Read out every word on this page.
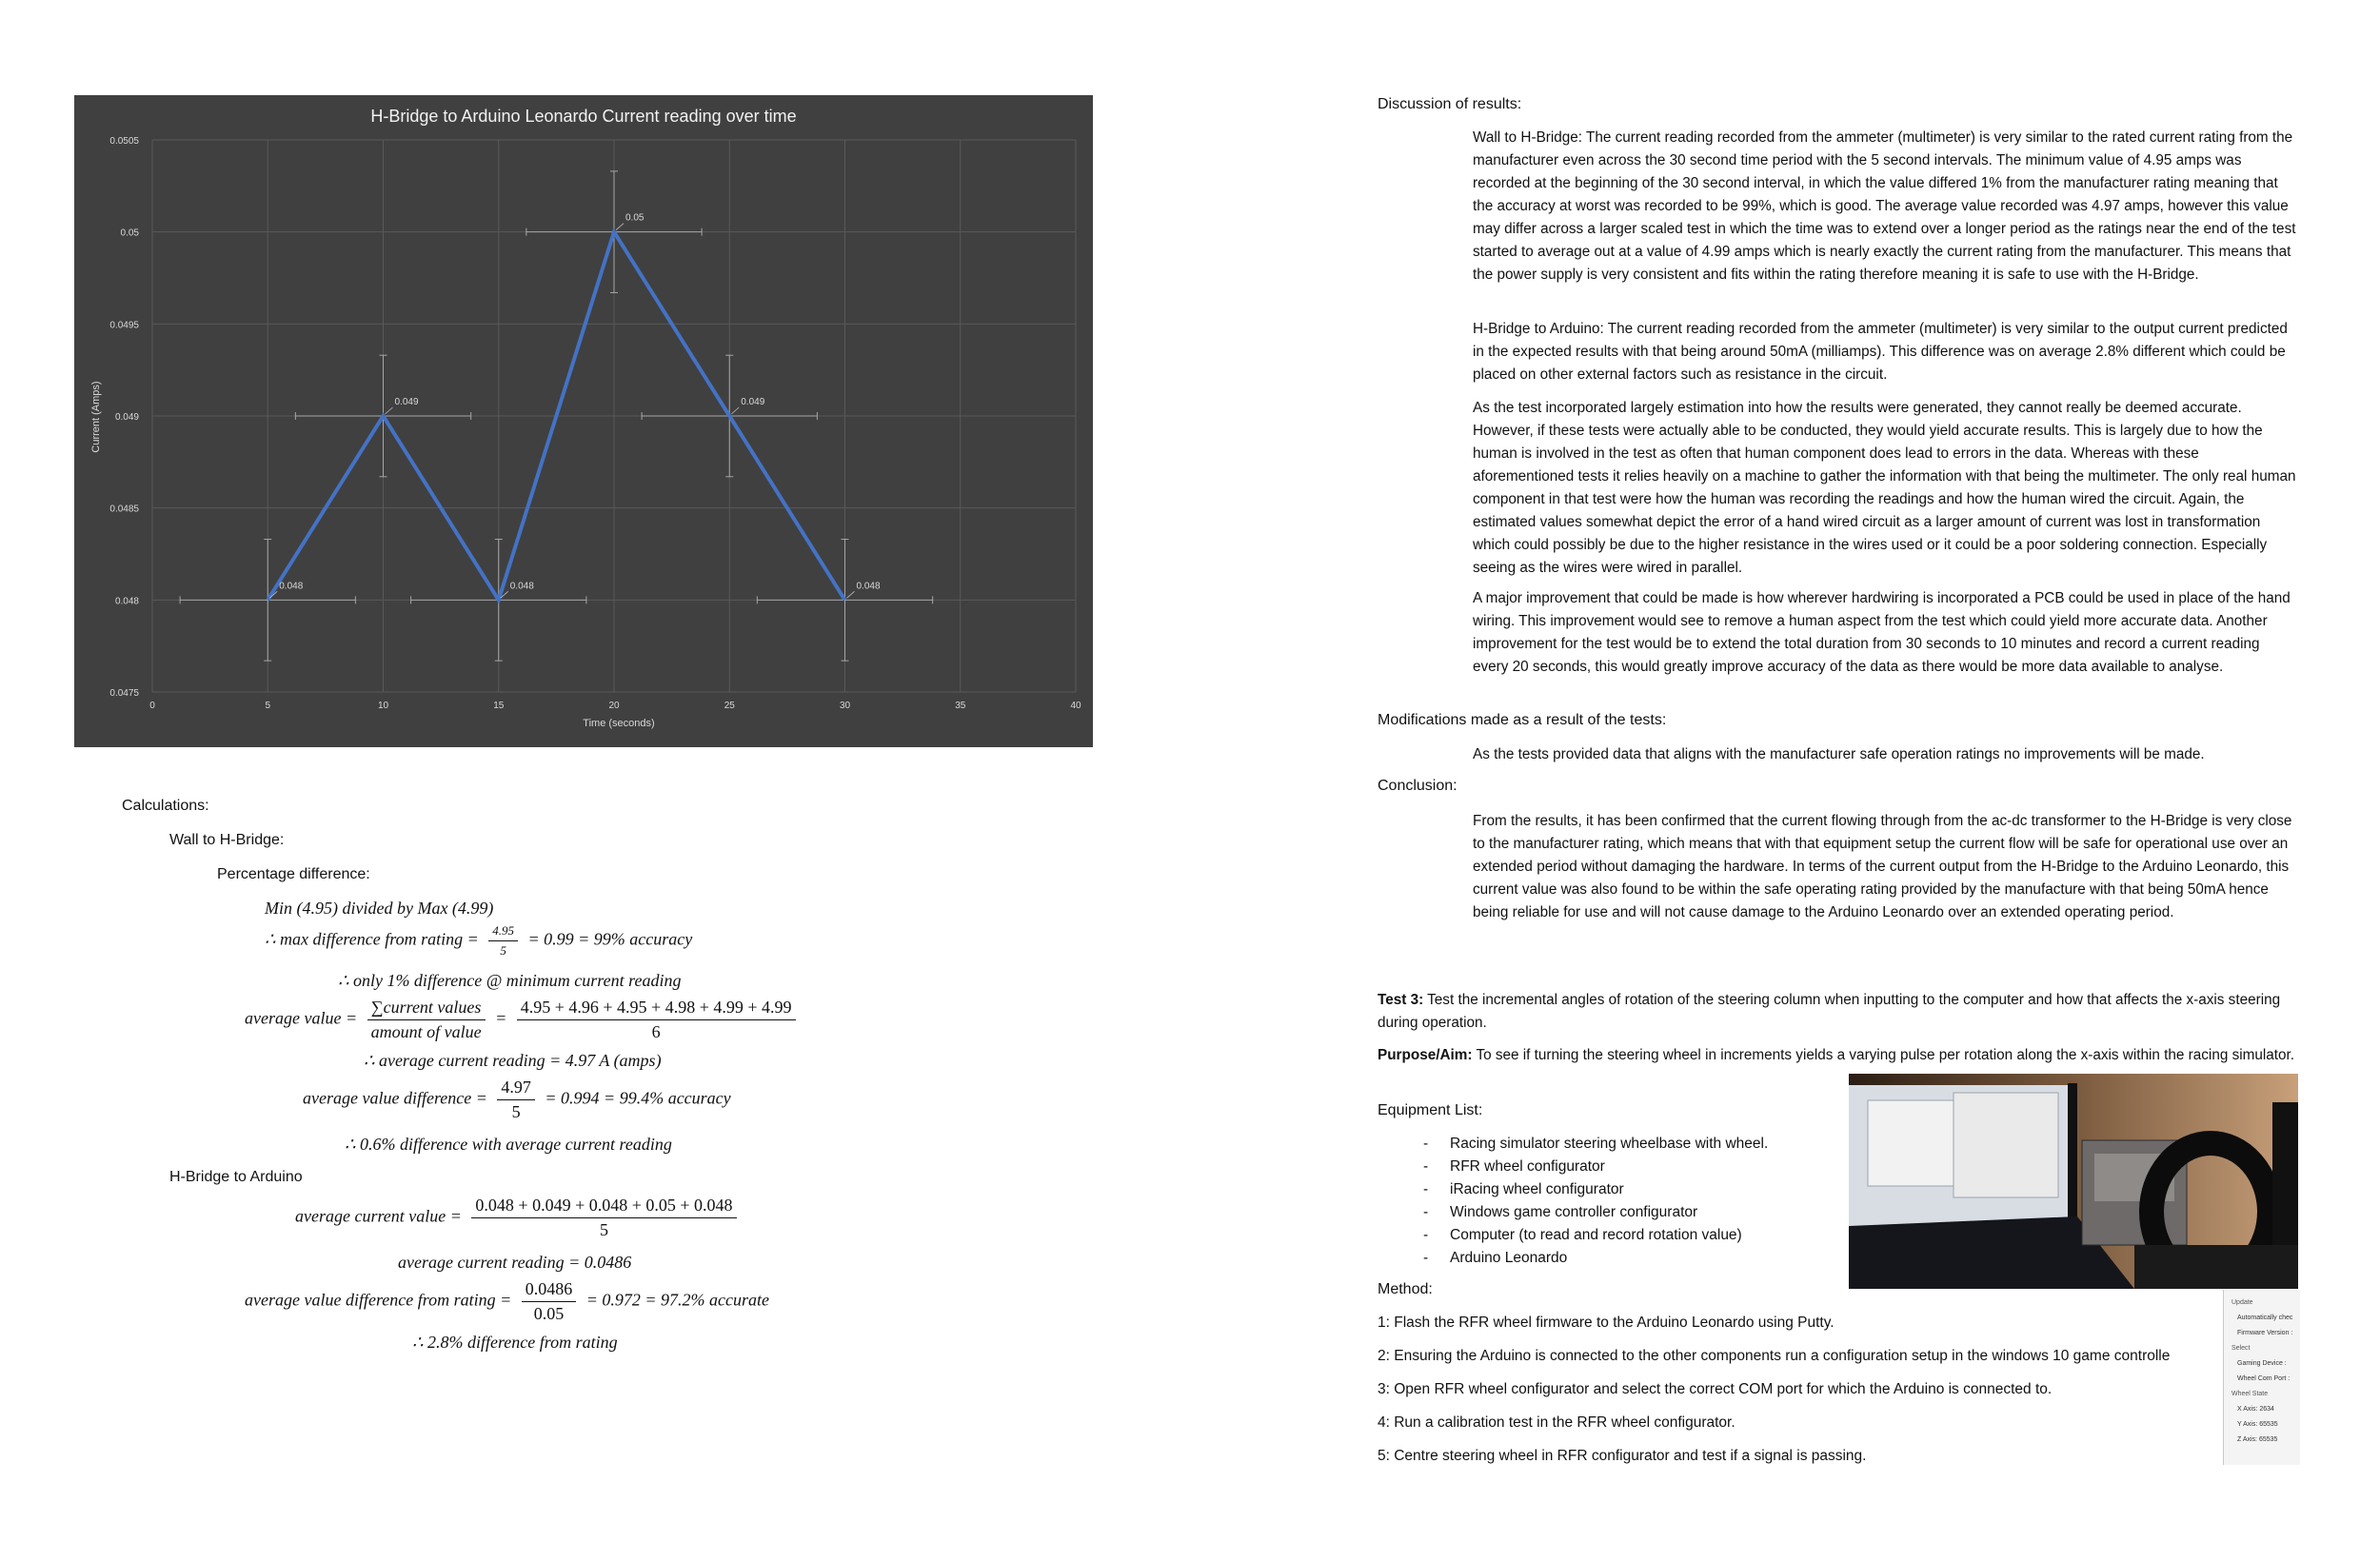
H-Bridge to Arduino Leonardo Current reading over time
0	5	10	15	20	25	30	35	40
0.0505
0.05
0.0495
0.049
0.0485
0.048
0.0475
0.048
0.049
0.048
0.05
0.049
0.048
Time (seconds)
Current (Amps)
Calculations:
Wall to H-Bridge:
Percentage difference:
Min (4.95) divided by Max (4.99)
∴ max difference from rating = $\frac{4.95}{5} = 0.99 = 99\%$ accuracy
∴ only 1% difference @ minimum current reading
average value = $\frac{\text{∑current values}}{\text{amount of value}} = \frac{4.95 + 4.96 + 4.95 + 4.98 + 4.99 + 4.99}{6}$
∴ average current reading = 4.97 A (amps)
average value difference = $\frac{4.97}{5} = 0.994 = 99.4\%$ accuracy
∴ 0.6% difference with average current reading
H-Bridge to Arduino
average current value = $\frac{0.048 + 0.049 + 0.048 + 0.05 + 0.048}{5}$
average current reading = 0.0486
average value difference from rating = $\frac{0.0486}{0.05} = 0.972 = 97.2\%$ accurate
∴ 2.8% difference from rating
Discussion of results:
Wall to H-Bridge: The current reading recorded from the ammeter (multimeter) is very similar to the rated current rating from the manufacturer even across the 30 second time period with the 5 second intervals. The minimum value of 4.95 amps was recorded at the beginning of the 30 second interval, in which the value differed 1% from the manufacturer rating meaning that the accuracy at worst was recorded to be 99%, which is good. The average value recorded was 4.97 amps, however this value may differ across a larger scaled test in which the time was to extend over a longer period as the ratings near the end of the test started to average out at a value of 4.99 amps which is nearly exactly the current rating from the manufacturer. This means that the power supply is very consistent and fits within the rating therefore meaning it is safe to use with the H-Bridge.
H-Bridge to Arduino: The current reading recorded from the ammeter (multimeter) is very similar to the output current predicted in the expected results with that being around 50mA (milliamps). This difference was on average 2.8% different which could be placed on other external factors such as resistance in the circuit.
As the test incorporated largely estimation into how the results were generated, they cannot really be deemed accurate. However, if these tests were actually able to be conducted, they would yield accurate results. This is largely due to how the human is involved in the test as often that human component does lead to errors in the data. Whereas with these aforementioned tests it relies heavily on a machine to gather the information with that being the multimeter. The only real human component in that test were how the human was recording the readings and how the human wired the circuit. Again, the estimated values somewhat depict the error of a hand wired circuit as a larger amount of current was lost in transformation which could possibly be due to the higher resistance in the wires used or it could be a poor soldering connection. Especially seeing as the wires were wired in parallel.
A major improvement that could be made is how wherever hardwiring is incorporated a PCB could be used in place of the hand wiring. This improvement would see to remove a human aspect from the test which could yield more accurate data. Another improvement for the test would be to extend the total duration from 30 seconds to 10 minutes and record a current reading every 20 seconds, this would greatly improve accuracy of the data as there would be more data available to analyse.
Modifications made as a result of the tests:
As the tests provided data that aligns with the manufacturer safe operation ratings no improvements will be made.
Conclusion:
From the results, it has been confirmed that the current flowing through from the ac-dc transformer to the H-Bridge is very close to the manufacturer rating, which means that with that equipment setup the current flow will be safe for operational use over an extended period without damaging the hardware. In terms of the current output from the H-Bridge to the Arduino Leonardo, this current value was also found to be within the safe operating rating provided by the manufacture with that being 50mA hence being reliable for use and will not cause damage to the Arduino Leonardo over an extended operating period.
Test 3: Test the incremental angles of rotation of the steering column when inputting to the computer and how that affects the x-axis steering during operation.
Purpose/Aim: To see if turning the steering wheel in increments yields a varying pulse per rotation along the x-axis within the racing simulator.
Equipment List:
- Racing simulator steering wheelbase with wheel.
- RFR wheel configurator
- iRacing wheel configurator
- Windows game controller configurator
- Computer (to read and record rotation value)
- Arduino Leonardo
Method:
1: Flash the RFR wheel firmware to the Arduino Leonardo using Putty.
2: Ensuring the Arduino is connected to the other components run a configuration setup in the windows 10 game controlle
3: Open RFR wheel configurator and select the correct COM port for which the Arduino is connected to.
4: Run a calibration test in the RFR wheel configurator.
5: Centre steering wheel in RFR configurator and test if a signal is passing.
Update
Automatically chec
Firmware Version :
Select
Gaming Device :
Wheel Com Port :
Wheel State
X Axis: 2634
Y Axis: 65535
Z Axis: 65535
